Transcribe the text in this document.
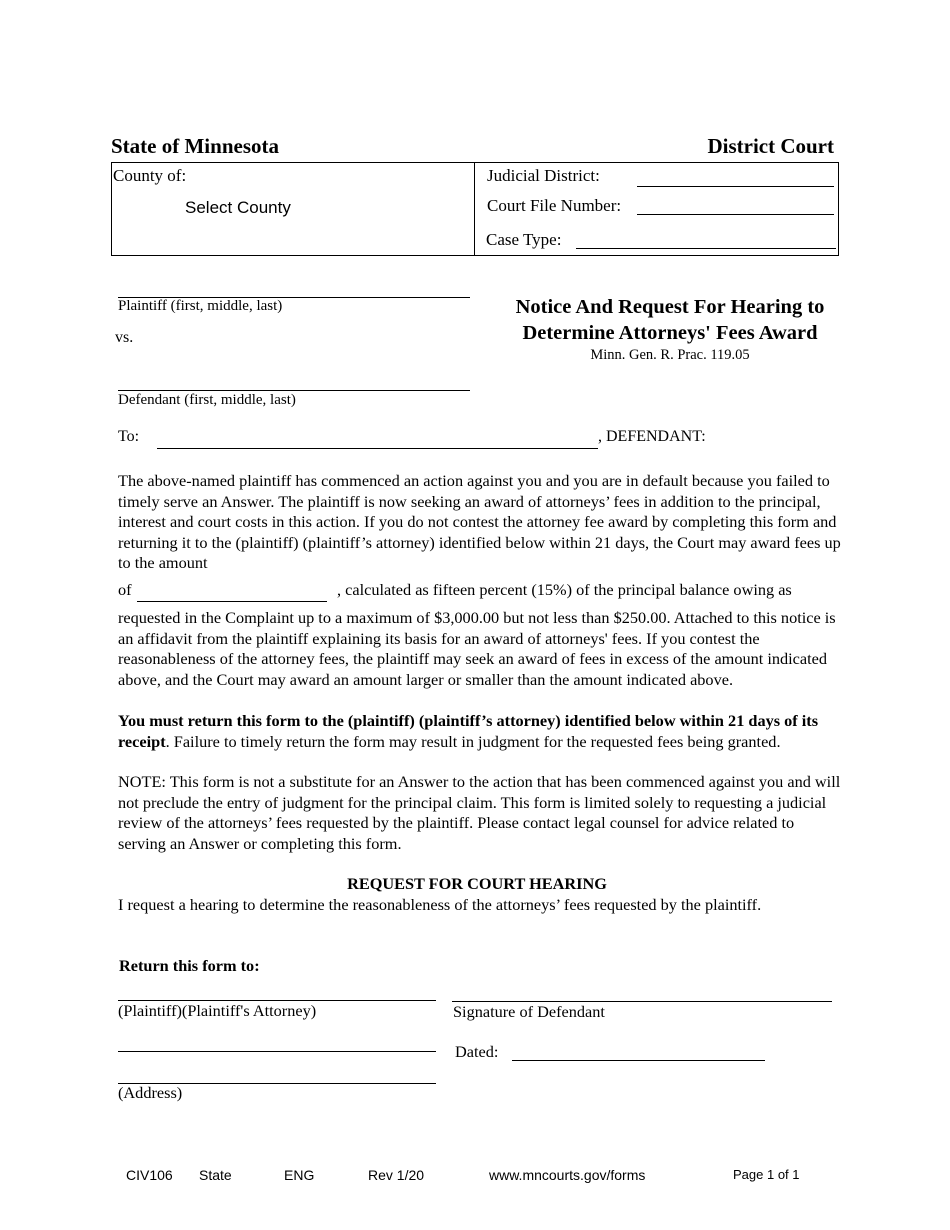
State of Minnesota	District Court
County of:
Select County
Judicial District:
Court File Number:
Case Type:
Plaintiff (first, middle, last)
vs.
Defendant (first, middle, last)
Notice And Request For Hearing to
Determine Attorneys' Fees Award
Minn. Gen. R. Prac. 119.05
To:	, DEFENDANT:
The above-named plaintiff has commenced an action against you and you are in default because you failed to timely serve an Answer. The plaintiff is now seeking an award of attorneys’ fees in addition to the principal, interest and court costs in this action. If you do not contest the attorney fee award by completing this form and returning it to the (plaintiff) (plaintiff’s attorney) identified below within 21 days, the Court may award fees up to the amount
of	, calculated as fifteen percent (15%) of the principal balance owing as
requested in the Complaint up to a maximum of $3,000.00 but not less than $250.00. Attached to this notice is an affidavit from the plaintiff explaining its basis for an award of attorneys' fees. If you contest the reasonableness of the attorney fees, the plaintiff may seek an award of fees in excess of the amount indicated above, and the Court may award an amount larger or smaller than the amount indicated above.
You must return this form to the (plaintiff) (plaintiff’s attorney) identified below within 21 days of its receipt. Failure to timely return the form may result in judgment for the requested fees being granted.
NOTE: This form is not a substitute for an Answer to the action that has been commenced against you and will not preclude the entry of judgment for the principal claim. This form is limited solely to requesting a judicial review of the attorneys’ fees requested by the plaintiff. Please contact legal counsel for advice related to serving an Answer or completing this form.
REQUEST FOR COURT HEARING
I request a hearing to determine the reasonableness of the attorneys’ fees requested by the plaintiff.
Return this form to:
(Plaintiff)(Plaintiff's Attorney)	Signature of Defendant
Dated:
(Address)
CIV106 State	ENG	Rev 1/20	www.mncourts.gov/forms	Page 1 of 1
